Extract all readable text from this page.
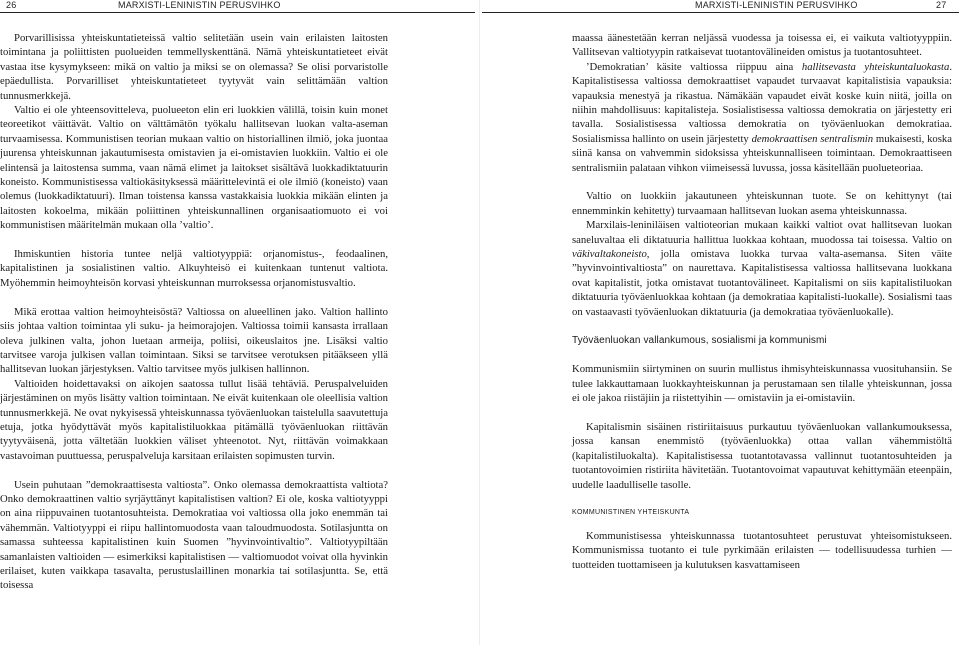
26	MARXISTI-LENINISTIN PERUSVIHKO

Porvarillisissa yhteiskuntatieteissä valtio selitetään usein vain erilaisten laitosten toimintana ja poliittisten puolueiden temmellyskenttänä. Nämä yhteiskuntatieteet eivät vastaa itse kysymykseen: mikä on valtio ja miksi se on olemassa? Se olisi porvaristolle epäedullista. Porvarilliset yhteiskuntatieteet tyytyvät vain selittämään valtion tunnusmerkkejä.

Valtio ei ole yhteensovitteleva, puolueeton elin eri luokkien välillä, toisin kuin monet teoreetikot väittävät. Valtio on välttämätön työkalu hallitsevan luokan valta-aseman turvaamisessa. Kommunistisen teorian mukaan valtio on historiallinen ilmiö, joka juontaa juurensa yhteiskunnan jakautumisesta omistavien ja ei-omistavien luokkiin. Valtio ei ole elintensä ja laitostensa summa, vaan nämä elimet ja laitokset sisältävä luokkadiktatuurin koneisto. Kommunistisessa valtiokäsityksessä määrittelevintä ei ole ilmiö (koneisto) vaan olemus (luokkadiktatuuri). Ilman toistensa kanssa vastakkaisia luokkia mikään elinten ja laitosten kokoelma, mikään poliittinen yhteiskunnallinen organisaatiomuoto ei voi kommunistisen määritelmän mukaan olla ’valtio’.

Ihmiskuntien historia tuntee neljä valtiotyyppiä: orjanomistus-, feodaalinen, kapitalistinen ja sosialistinen valtio. Alkuyhteisö ei kuitenkaan tuntenut valtiota. Myöhemmin heimoyhteisön korvasi yhteiskunnan murroksessa orjanomistusvaltio.

Mikä erottaa valtion heimoyhteisöstä? Valtiossa on alueellinen jako. Valtion hallinto siis johtaa valtion toimintaa yli suku- ja heimorajojen. Valtiossa toimii kansasta irrallaan oleva julkinen valta, johon luetaan armeija, poliisi, oikeuslaitos jne. Lisäksi valtio tarvitsee varoja julkisen vallan toimintaan. Siksi se tarvitsee verotuksen pitääkseen yllä hallitsevan luokan järjestyksen. Valtio tarvitsee myös julkisen hallinnon.

Valtioiden hoidettavaksi on aikojen saatossa tullut lisää tehtäviä. Peruspalveluiden järjestäminen on myös lisätty valtion toimintaan. Ne eivät kuitenkaan ole oleellisia valtion tunnusmerkkejä. Ne ovat nykyisessä yhteiskunnassa työväenluokan taistelulla saavutettuja etuja, jotka hyödyttävät myös kapitalistiluokkaa pitämällä työväenluokan riittävän tyytyväisenä, jotta vältetään luokkien väliset yhteenotot. Nyt, riittävän voimakkaan vastavoiman puuttuessa, peruspalveluja karsitaan erilaisten sopimusten turvin.

Usein puhutaan ”demokraattisesta valtiosta”. Onko olemassa demokraattista valtiota? Onko demokraattinen valtio syrjäyttänyt kapitalistisen valtion? Ei ole, koska valtiotyyppi on aina riippuvainen tuotantosuhteista. Demokratiaa voi valtiossa olla joko enemmän tai vähemmän. Valtiotyyppi ei riipu hallintomuodosta vaan taloudmuodosta. Sotilasjuntta on samassa suhteessa kapitalistinen kuin Suomen ”hyvinvointivaltio”. Valtiotyypiltään samanlaisten valtioiden — esimerkiksi kapitalistisen — valtiomuodot voivat olla hyvinkin erilaiset, kuten vaikkapa tasavalta, perustuslaillinen monarkia tai sotilasjuntta. Se, että toisessa

MARXISTI-LENINISTIN PERUSVIHKO	27

maassa äänestetään kerran neljässä vuodessa ja toisessa ei, ei vaikuta valtiotyyppiin. Vallitsevan valtiotyypin ratkaisevat tuotantovälineiden omistus ja tuotantosuhteet.

’Demokratian’ käsite valtiossa riippuu aina hallitsevasta yhteiskuntaluokasta. Kapitalistisessa valtiossa demokraattiset vapaudet turvaavat kapitalistisia vapauksia: vapauksia menestyä ja rikastua. Nämäkään vapaudet eivät koske kuin niitä, joilla on niihin mahdollisuus: kapitalisteja. Sosialistisessa valtiossa demokratia on järjestetty eri tavalla. Sosialistisessa valtiossa demokratia on työväenluokan demokratiaa. Sosialismissa hallinto on usein järjestetty demokraattisen sentralismin mukaisesti, koska siinä kansa on vahvemmin sidoksissa yhteiskunnalliseen toimintaan. Demokraattiseen sentralismiin palataan vihkon viimeisessä luvussa, jossa käsitellään puolueteoriaa.

Valtio on luokkiin jakautuneen yhteiskunnan tuote. Se on kehittynyt (tai ennemminkin kehitetty) turvaamaan hallitsevan luokan asema yhteiskunnassa.

Marxilais-leniniläisen valtioteorian mukaan kaikki valtiot ovat hallitsevan luokan saneluvaltaa eli diktatuuria hallittua luokkaa kohtaan, muodossa tai toisessa. Valtio on väkivaltakoneisto, jolla omistava luokka turvaa valta-asemansa. Siten väite ”hyvinvointivaltiosta” on naurettava. Kapitalistisessa valtiossa hallitsevana luokkana ovat kapitalistit, jotka omistavat tuotantovälineet. Kapitalismi on siis kapitalistiluokan diktatuuria työväenluokkaa kohtaan (ja demokratiaa kapitalisti-luokalle). Sosialismi taas on vastaavasti työväenluokan diktatuuria (ja demokratiaa työväenluokalle).

Työväenluokan vallankumous, sosialismi ja kommunismi

Kommunismiin siirtyminen on suurin mullistus ihmisyhteiskunnassa vuosituhansiin. Se tulee lakkauttamaan luokkayhteiskunnan ja perustamaan sen tilalle yhteiskunnan, jossa ei ole jakoa riistäjiin ja riistettyihin — omistaviin ja ei-omistaviin.

Kapitalismin sisäinen ristiriitaisuus purkautuu työväenluokan vallankumouksessa, jossa kansan enemmistö (työväenluokka) ottaa vallan vähemmistöltä (kapitalistiluokalta). Kapitalistisessa tuotantotavassa vallinnut tuotantosuhteiden ja tuotantovoimien ristiriita hävitetään. Tuotantovoimat vapautuvat kehittymään eteenpäin, uudelle laadulliselle tasolle.

KOMMUNISTINEN YHTEISKUNTA

Kommunistisessa yhteiskunnassa tuotantosuhteet perustuvat yhteisomistukseen. Kommunismissa tuotanto ei tule pyrkimään erilaisten — todellisuudessa turhien — tuotteiden tuottamiseen ja kulutuksen kasvattamiseen
